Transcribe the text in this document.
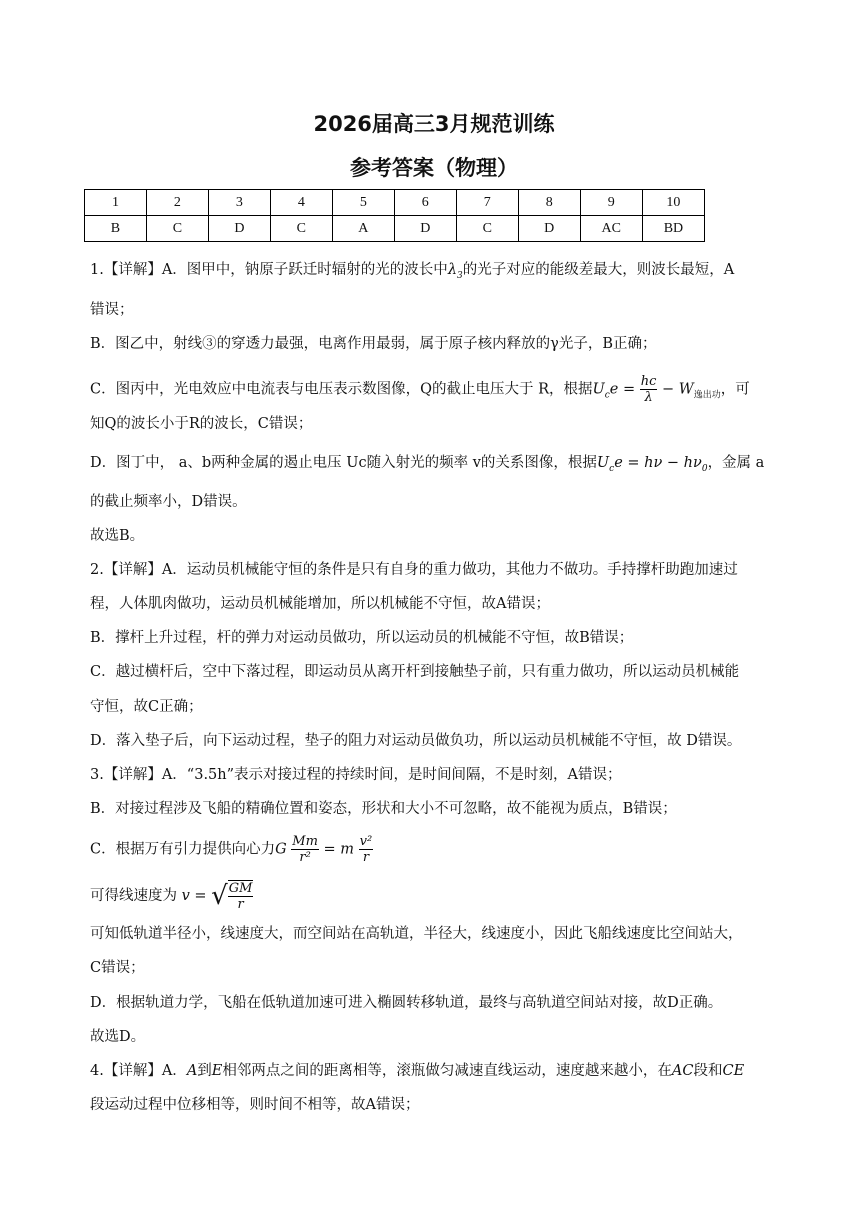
2026届高三3月规范训练
参考答案（物理）
1	2	3	4	5	6	7	8	9	10
B	C	D	C	A	D	C	D	AC	BD
1.【详解】A．图甲中，钠原子跃迁时辐射的光的波长中$\lambda_3$的光子对应的能级差最大，则波长最短，A
错误；
B．图乙中，射线③的穿透力最强，电离作用最弱，属于原子核内释放的γ光子，B正确；
C．图丙中，光电效应中电流表与电压表示数图像，Q的截止电压大于 R，根据$U_ce = \frac{hc}{\lambda} - W_{逸出功}$，可
知Q的波长小于R的波长，C错误；
D．图丁中， a、b两种金属的遏止电压 Uc随入射光的频率 v的关系图像，根据$U_ce = h\nu - h\nu_0$，金属 a
的截止频率小，D错误。
故选B。
2.【详解】A．运动员机械能守恒的条件是只有自身的重力做功，其他力不做功。手持撑杆助跑加速过
程，人体肌肉做功，运动员机械能增加，所以机械能不守恒，故A错误；
B．撑杆上升过程，杆的弹力对运动员做功，所以运动员的机械能不守恒，故B错误；
C．越过横杆后，空中下落过程，即运动员从离开杆到接触垫子前，只有重力做功，所以运动员机械能
守恒，故C正确；
D．落入垫子后，向下运动过程，垫子的阻力对运动员做负功，所以运动员机械能不守恒，故 D错误。
3.【详解】A．“3.5h”表示对接过程的持续时间，是时间间隔，不是时刻，A错误；
B．对接过程涉及飞船的精确位置和姿态，形状和大小不可忽略，故不能视为质点，B错误；
C．根据万有引力提供向心力G $\frac{Mm}{\text{r²}} = m \frac{\text{v²}}{r}$
可得线速度为 v = √ $\frac{GM}{r}$
可知低轨道半径小，线速度大，而空间站在高轨道，半径大，线速度小，因此飞船线速度比空间站大，
C错误；
D．根据轨道力学，飞船在低轨道加速可进入椭圆转移轨道，最终与高轨道空间站对接，故D正确。
故选D。
4.【详解】A．A到E相邻两点之间的距离相等，滚瓶做匀减速直线运动，速度越来越小，在AC段和CE
段运动过程中位移相等，则时间不相等，故A错误；
